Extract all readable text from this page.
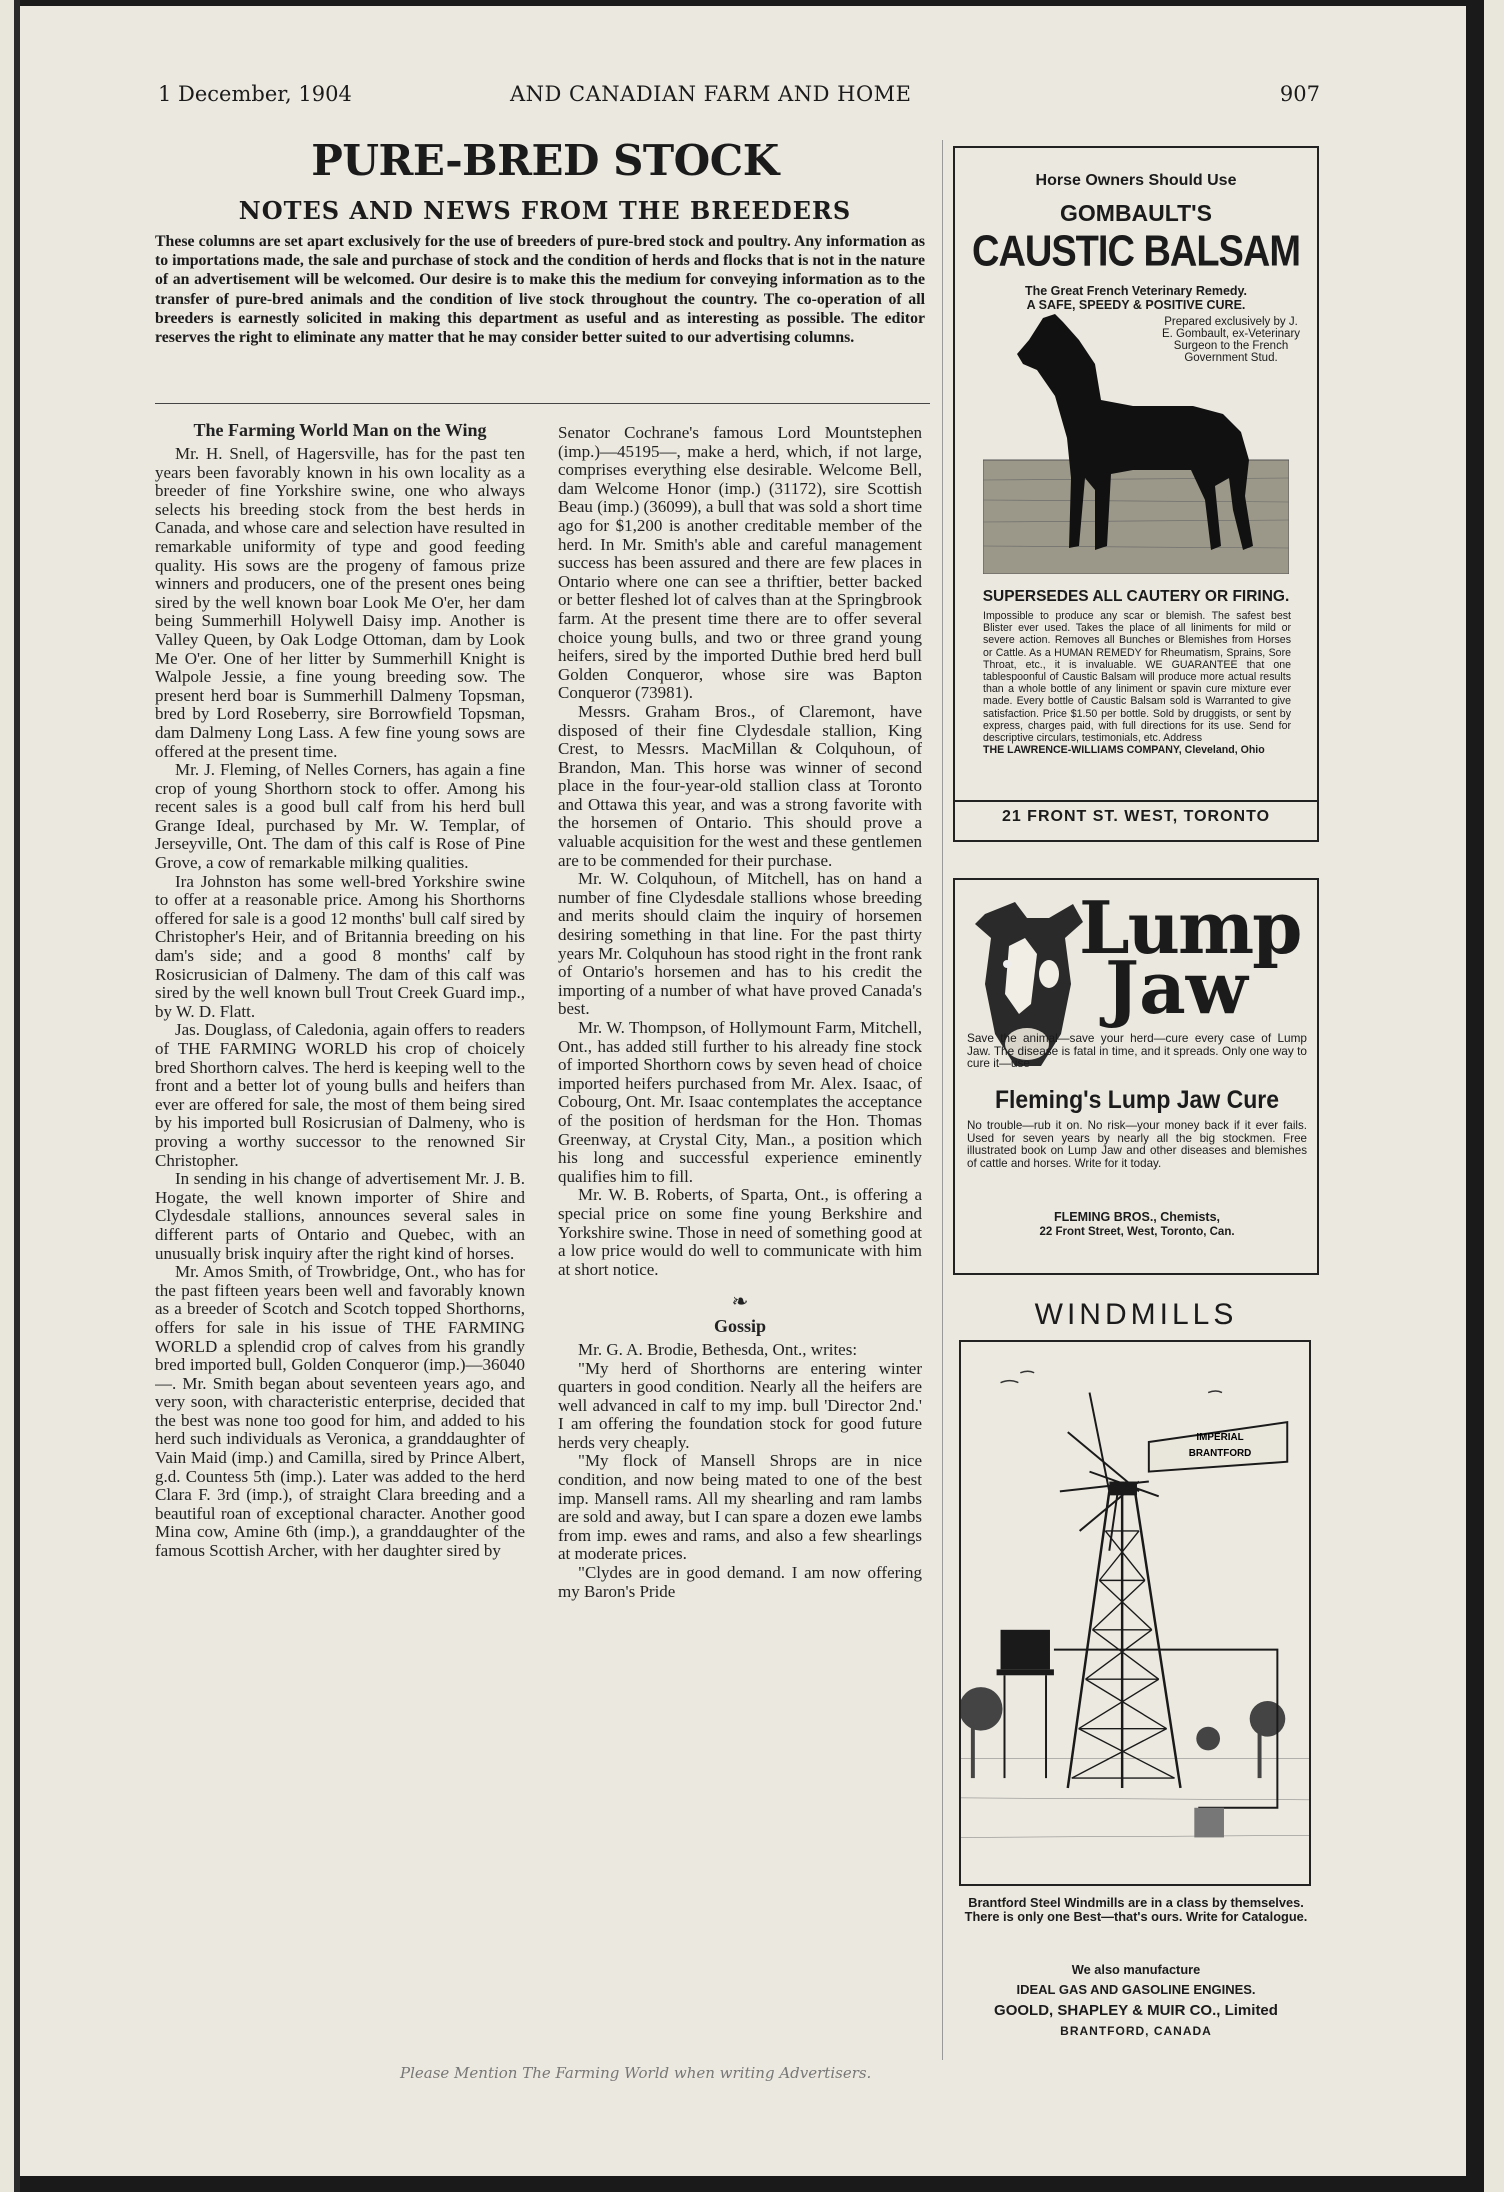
1 December, 1904	AND CANADIAN FARM AND HOME	907
PURE-BRED STOCK
NOTES AND NEWS FROM THE BREEDERS
These columns are set apart exclusively for the use of breeders of pure-bred stock and poultry. Any information as to importations made, the sale and purchase of stock and the condition of herds and flocks that is not in the nature of an advertisement will be welcomed. Our desire is to make this the medium for conveying information as to the transfer of pure-bred animals and the condition of live stock throughout the country. The co-operation of all breeders is earnestly solicited in making this department as useful and as interesting as possible. The editor reserves the right to eliminate any matter that he may consider better suited to our advertising columns.
The Farming World Man on the Wing

Mr. H. Snell, of Hagersville, has for the past ten years been favorably known in his own locality as a breeder of fine Yorkshire swine, one who always selects his breeding stock from the best herds in Canada, and whose care and selection have resulted in remarkable uniformity of type and good feeding quality. His sows are the progeny of famous prize winners and producers, one of the present ones being sired by the well known boar Look Me O'er, her dam being Summerhill Holywell Daisy imp. Another is Valley Queen, by Oak Lodge Ottoman, dam by Look Me O'er. One of her litter by Summerhill Knight is Walpole Jessie, a fine young breeding sow. The present herd boar is Summerhill Dalmeny Topsman, bred by Lord Roseberry, sire Borrowfield Topsman, dam Dalmeny Long Lass. A few fine young sows are offered at the present time.

Mr. J. Fleming, of Nelles Corners, has again a fine crop of young Shorthorn stock to offer. Among his recent sales is a good bull calf from his herd bull Grange Ideal, purchased by Mr. W. Templar, of Jerseyville, Ont. The dam of this calf is Rose of Pine Grove, a cow of remarkable milking qualities.

Ira Johnston has some well-bred Yorkshire swine to offer at a reasonable price. Among his Shorthorns offered for sale is a good 12 months' bull calf sired by Christopher's Heir, and of Britannia breeding on his dam's side; and a good 8 months' calf by Rosicrusician of Dalmeny. The dam of this calf was sired by the well known bull Trout Creek Guard imp., by W. D. Flatt.

Jas. Douglass, of Caledonia, again offers to readers of THE FARMING WORLD his crop of choicely bred Shorthorn calves. The herd is keeping well to the front and a better lot of young bulls and heifers than ever are offered for sale, the most of them being sired by his imported bull Rosicrusian of Dalmeny, who is proving a worthy successor to the renowned Sir Christopher.

In sending in his change of advertisement Mr. J. B. Hogate, the well known importer of Shire and Clydesdale stallions, announces several sales in different parts of Ontario and Quebec, with an unusually brisk inquiry after the right kind of horses.

Mr. Amos Smith, of Trowbridge, Ont., who has for the past fifteen years been well and favorably known as a breeder of Scotch and Scotch topped Shorthorns, offers for sale in his issue of THE FARMING WORLD a splendid crop of calves from his grandly bred imported bull, Golden Conqueror (imp.)—36040—. Mr. Smith began about seventeen years ago, and very soon, with characteristic enterprise, decided that the best was none too good for him, and added to his herd such individuals as Veronica, a granddaughter of Vain Maid (imp.) and Camilla, sired by Prince Albert, g.d. Countess 5th (imp.). Later was added to the herd Clara F. 3rd (imp.), of straight Clara breeding and a beautiful roan of exceptional character. Another good Mina cow, Amine 6th (imp.), a granddaughter of the famous Scottish Archer, with her daughter sired by

Senator Cochrane's famous Lord Mountstephen (imp.)—45195—, make a herd, which, if not large, comprises everything else desirable. Welcome Bell, dam Welcome Honor (imp.) (31172), sire Scottish Beau (imp.) (36099), a bull that was sold a short time ago for $1,200 is another creditable member of the herd. In Mr. Smith's able and careful management success has been assured and there are few places in Ontario where one can see a thriftier, better backed or better fleshed lot of calves than at the Springbrook farm. At the present time there are to offer several choice young bulls, and two or three grand young heifers, sired by the imported Duthie bred herd bull Golden Conqueror, whose sire was Bapton Conqueror (73981).

Messrs. Graham Bros., of Claremont, have disposed of their fine Clydesdale stallion, King Crest, to Messrs. MacMillan & Colquhoun, of Brandon, Man. This horse was winner of second place in the four-year-old stallion class at Toronto and Ottawa this year, and was a strong favorite with the horsemen of Ontario. This should prove a valuable acquisition for the west and these gentlemen are to be commended for their purchase.

Mr. W. Colquhoun, of Mitchell, has on hand a number of fine Clydesdale stallions whose breeding and merits should claim the inquiry of horsemen desiring something in that line. For the past thirty years Mr. Colquhoun has stood right in the front rank of Ontario's horsemen and has to his credit the importing of a number of what have proved Canada's best.

Mr. W. Thompson, of Hollymount Farm, Mitchell, Ont., has added still further to his already fine stock of imported Shorthorn cows by seven head of choice imported heifers purchased from Mr. Alex. Isaac, of Cobourg, Ont. Mr. Isaac contemplates the acceptance of the position of herdsman for the Hon. Thomas Greenway, at Crystal City, Man., a position which his long and successful experience eminently qualifies him to fill.

Mr. W. B. Roberts, of Sparta, Ont., is offering a special price on some fine young Berkshire and Yorkshire swine. Those in need of something good at a low price would do well to communicate with him at short notice.

❧
Gossip

Mr. G. A. Brodie, Bethesda, Ont., writes:

"My herd of Shorthorns are entering winter quarters in good condition. Nearly all the heifers are well advanced in calf to my imp. bull 'Director 2nd.' I am offering the foundation stock for good future herds very cheaply.

"My flock of Mansell Shrops are in nice condition, and now being mated to one of the best imp. Mansell rams. All my shearling and ram lambs are sold and away, but I can spare a dozen ewe lambs from imp. ewes and rams, and also a few shearlings at moderate prices.

"Clydes are in good demand. I am now offering my Baron's Pride

Horse Owners Should Use
GOMBAULT'S
CAUSTIC BALSAM
The Great French Veterinary Remedy.
A SAFE, SPEEDY & POSITIVE CURE.
Prepared exclusively by J. E. Gombault, ex-Veterinary Surgeon to the French Government Stud.
SUPERSEDES ALL CAUTERY OR FIRING.
Impossible to produce any scar or blemish. The safest best Blister ever used. Takes the place of all liniments for mild or severe action. Removes all Bunches or Blemishes from Horses or Cattle. As a HUMAN REMEDY for Rheumatism, Sprains, Sore Throat, etc., it is invaluable. WE GUARANTEE that one tablespoonful of Caustic Balsam will produce more actual results than a whole bottle of any liniment or spavin cure mixture ever made. Every bottle of Caustic Balsam sold is Warranted to give satisfaction. Price $1.50 per bottle. Sold by druggists, or sent by express, charges paid, with full directions for its use. Send for descriptive circulars, testimonials, etc. Address
THE LAWRENCE-WILLIAMS COMPANY, Cleveland, Ohio
21 FRONT ST. WEST, TORONTO
Lump
Jaw
Save the animal—save your herd—cure every case of Lump Jaw. The disease is fatal in time, and it spreads. Only one way to cure it—use
Fleming's Lump Jaw Cure
No trouble—rub it on. No risk—your money back if it ever fails. Used for seven years by nearly all the big stockmen. Free illustrated book on Lump Jaw and other diseases and blemishes of cattle and horses. Write for it today.
FLEMING BROS., Chemists,
22 Front Street, West, Toronto, Can.
WINDMILLS
IMPERIAL
BRANTFORD
Brantford Steel Windmills are in a class by themselves. There is only one Best—that's ours. Write for Catalogue.
We also manufacture
IDEAL GAS AND GASOLINE ENGINES.
GOOLD, SHAPLEY & MUIR CO., Limited
BRANTFORD, CANADA
Please Mention The Farming World when writing Advertisers.
